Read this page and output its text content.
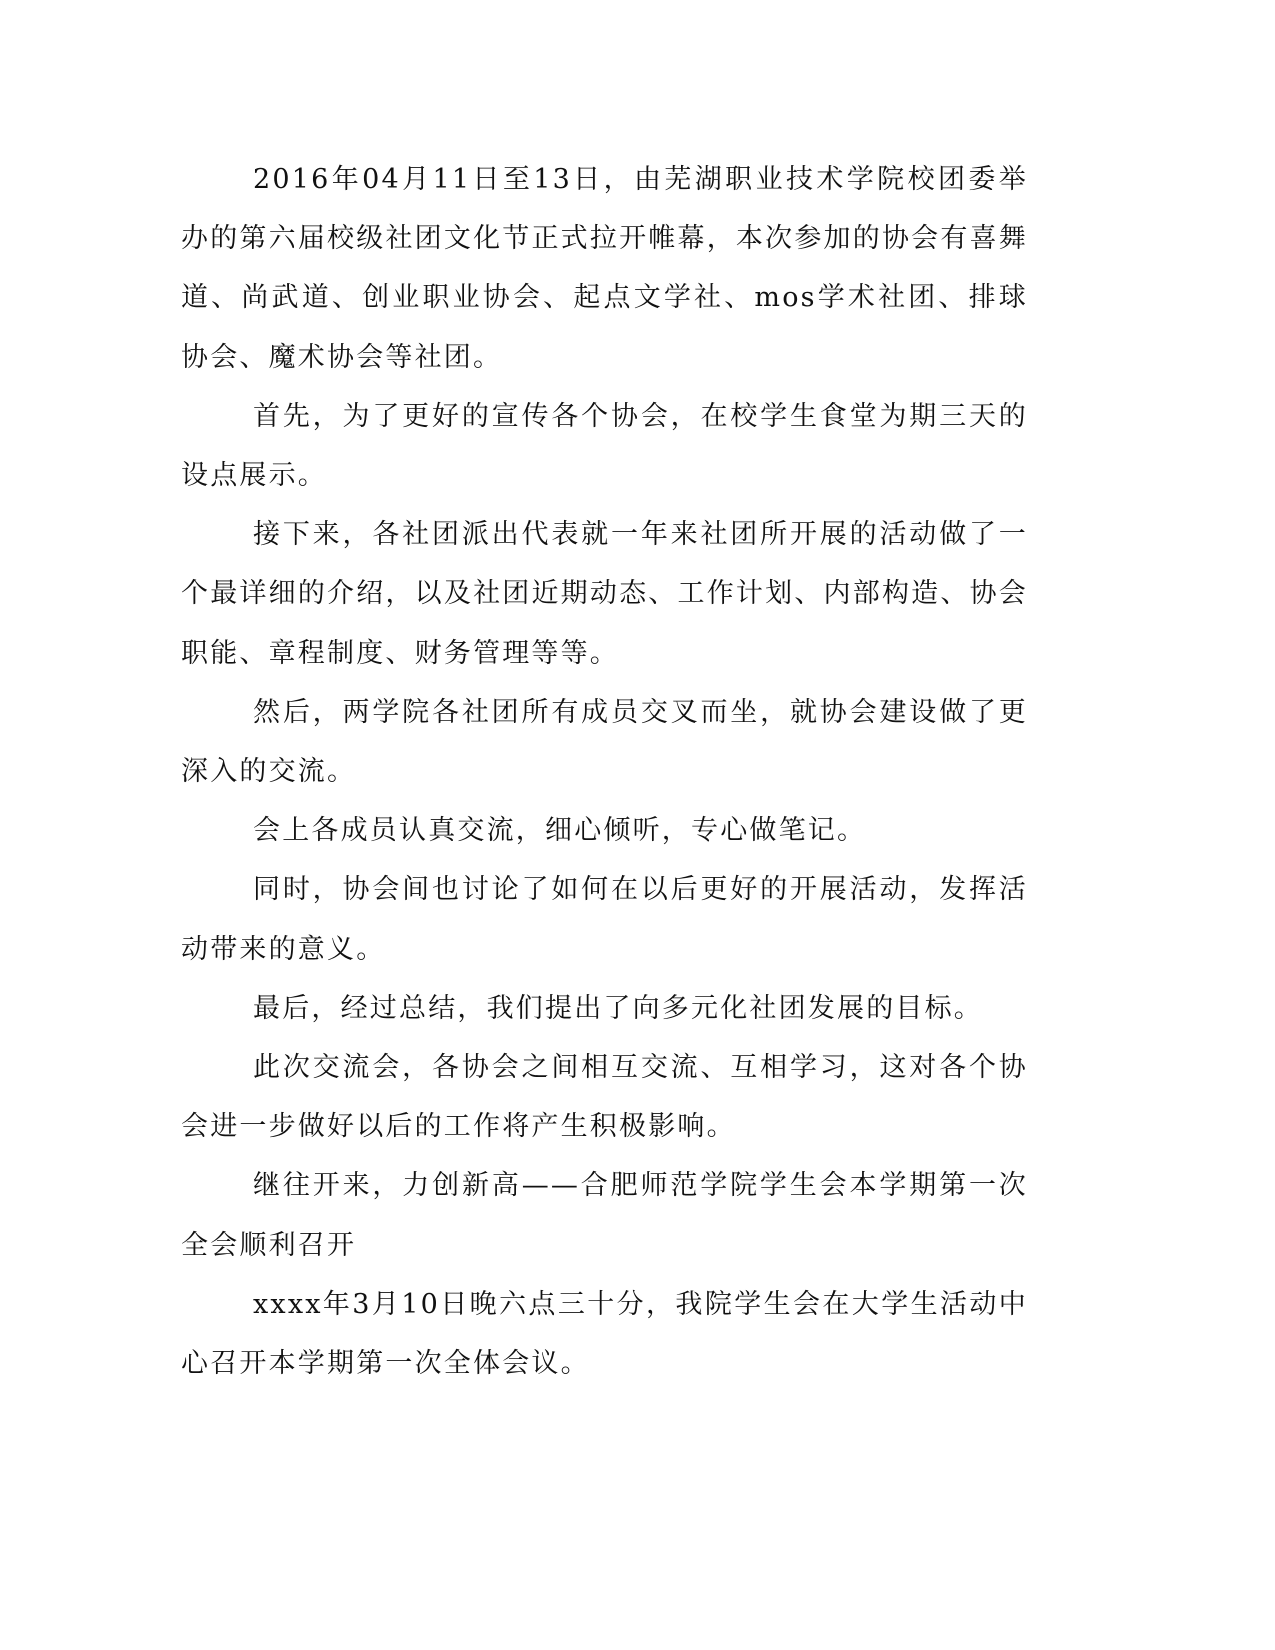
2016年04月11日至13日，由芜湖职业技术学院校团委举办的第六届校级社团文化节正式拉开帷幕，本次参加的协会有喜舞道、尚武道、创业职业协会、起点文学社、mos学术社团、排球协会、魔术协会等社团。

首先，为了更好的宣传各个协会，在校学生食堂为期三天的设点展示。

接下来，各社团派出代表就一年来社团所开展的活动做了一个最详细的介绍，以及社团近期动态、工作计划、内部构造、协会职能、章程制度、财务管理等等。

然后，两学院各社团所有成员交叉而坐，就协会建设做了更深入的交流。

会上各成员认真交流，细心倾听，专心做笔记。

同时，协会间也讨论了如何在以后更好的开展活动，发挥活动带来的意义。

最后，经过总结，我们提出了向多元化社团发展的目标。

此次交流会，各协会之间相互交流、互相学习，这对各个协会进一步做好以后的工作将产生积极影响。

继往开来，力创新高——合肥师范学院学生会本学期第一次全会顺利召开

xxxx年3月10日晚六点三十分，我院学生会在大学生活动中心召开本学期第一次全体会议。
